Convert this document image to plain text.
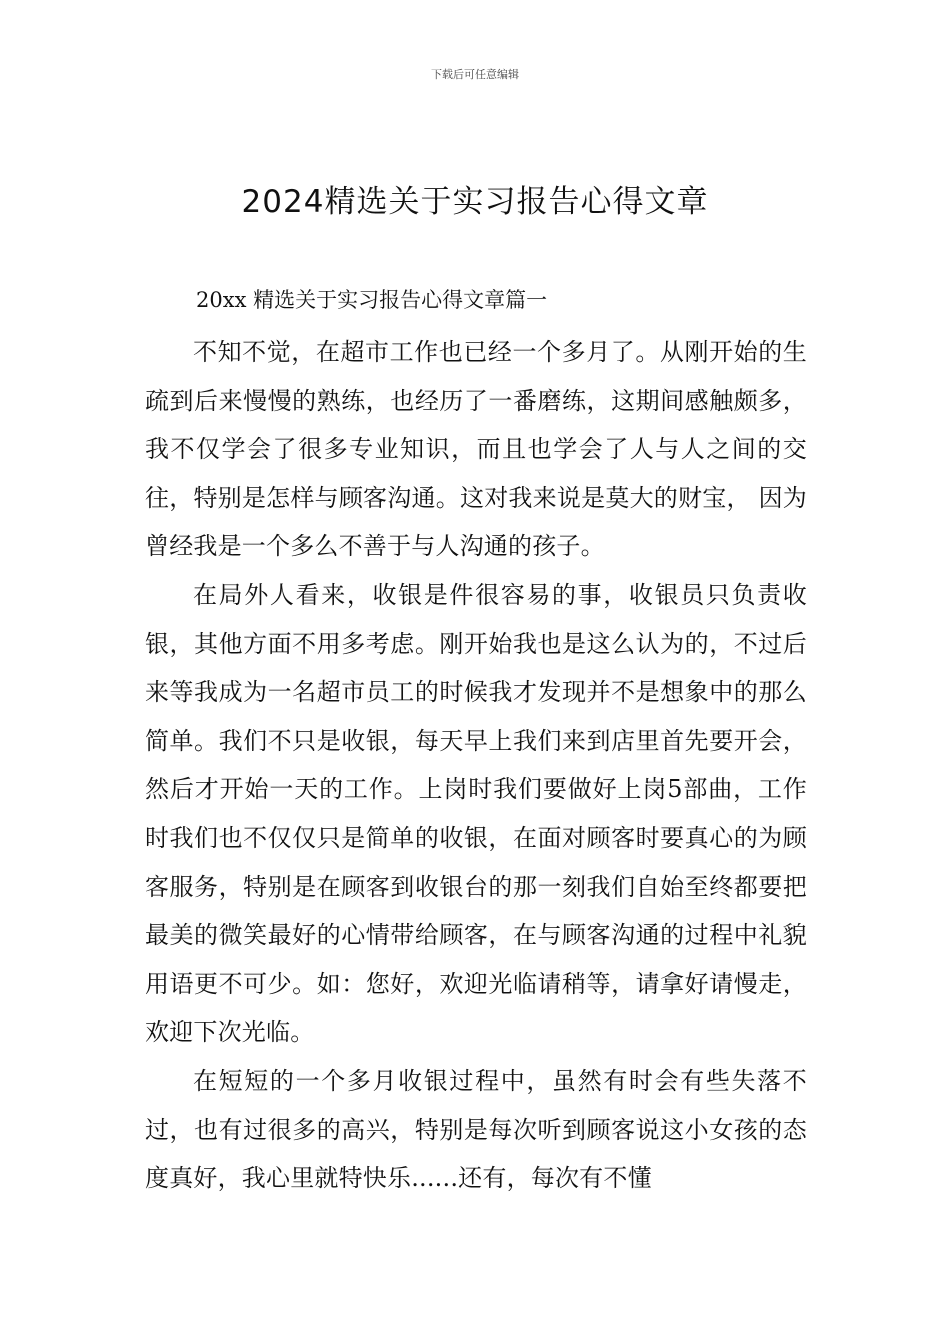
下载后可任意编辑
2024精选关于实习报告心得文章
20xx 精选关于实习报告心得文章篇一

不知不觉，在超市工作也已经一个多月了。从刚开始的生疏到后来慢慢的熟练，也经历了一番磨练，这期间感触颇多，我不仅学会了很多专业知识，而且也学会了人与人之间的交往，特别是怎样与顾客沟通。这对我来说是莫大的财宝， 因为曾经我是一个多么不善于与人沟通的孩子。

在局外人看来，收银是件很容易的事，收银员只负责收银，其他方面不用多考虑。刚开始我也是这么认为的，不过后来等我成为一名超市员工的时候我才发现并不是想象中的那么简单。我们不只是收银，每天早上我们来到店里首先要开会，然后才开始一天的工作。上岗时我们要做好上岗5部曲，工作时我们也不仅仅只是简单的收银，在面对顾客时要真心的为顾客服务，特别是在顾客到收银台的那一刻我们自始至终都要把最美的微笑最好的心情带给顾客，在与顾客沟通的过程中礼貌用语更不可少。如：您好，欢迎光临请稍等，请拿好请慢走，欢迎下次光临。

在短短的一个多月收银过程中，虽然有时会有些失落不过，也有过很多的高兴，特别是每次听到顾客说这小女孩的态度真好，我心里就特快乐......还有，每次有不懂
